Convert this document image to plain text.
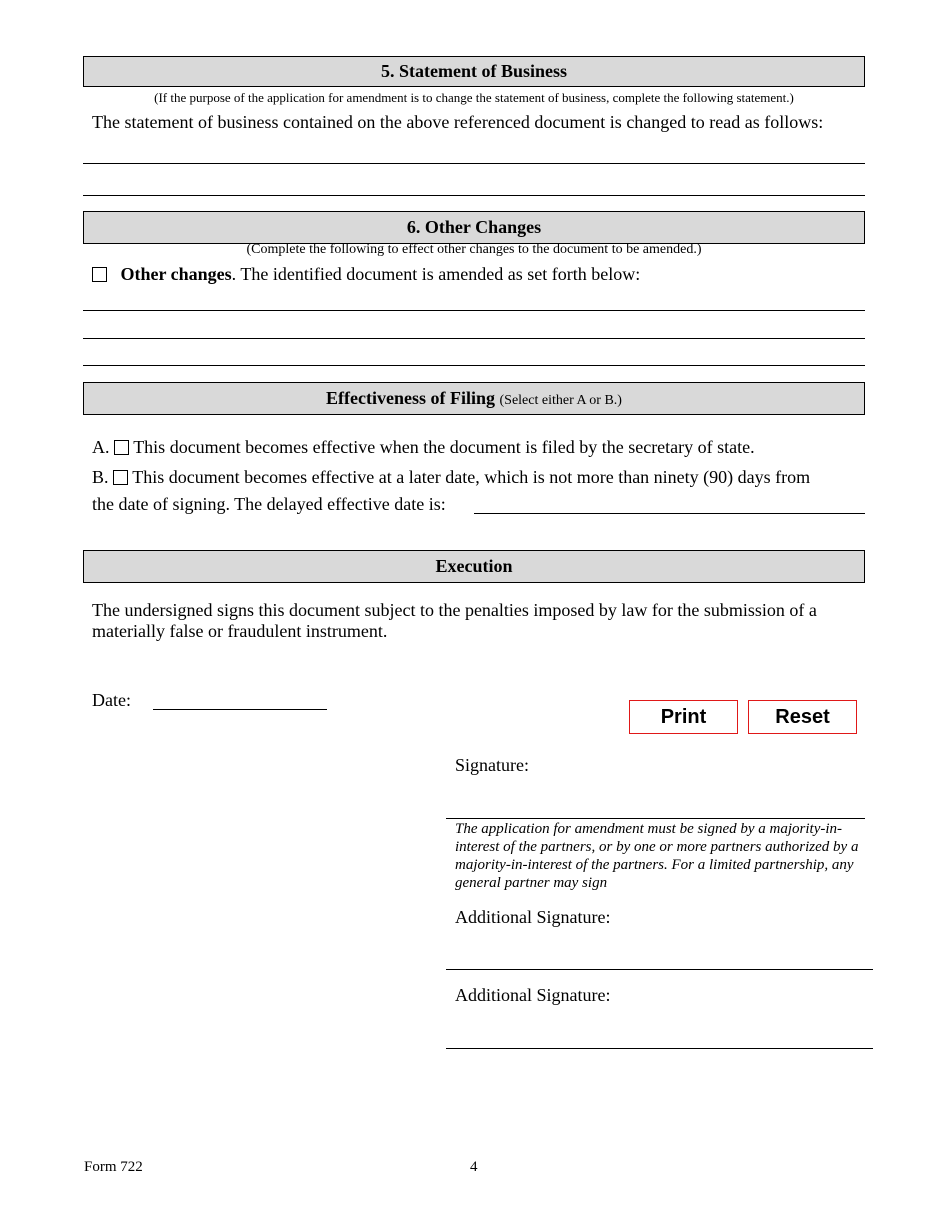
5. Statement of Business
(If the purpose of the application for amendment is to change the statement of business, complete the following statement.)
The statement of business contained on the above referenced document is changed to read as follows:
6. Other Changes
(Complete the following to effect other changes to the document to be amended.)
Other changes. The identified document is amended as set forth below:
Effectiveness of Filing (Select either A or B.)
A. This document becomes effective when the document is filed by the secretary of state.
B. This document becomes effective at a later date, which is not more than ninety (90) days from
the date of signing. The delayed effective date is:
Execution
The undersigned signs this document subject to the penalties imposed by law for the submission of a
materially false or fraudulent instrument.
Date:
Print	Reset
Signature:
The application for amendment must be signed by a majority-in-interest of the partners, or by one or more partners authorized by a majority-in-interest of the partners. For a limited partnership, any general partner may sign
Additional Signature:
Additional Signature:
Form 722	4
